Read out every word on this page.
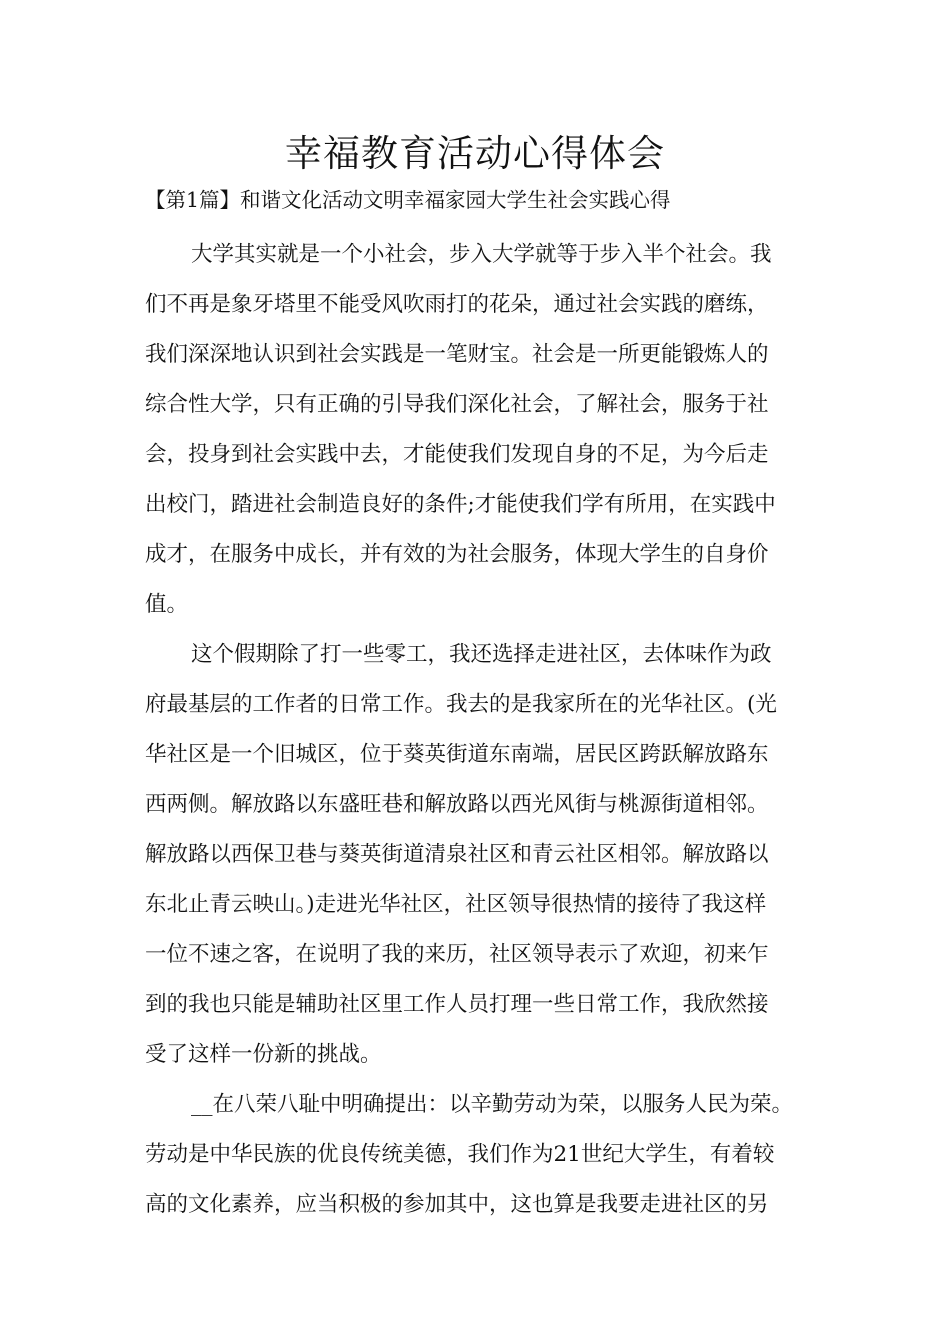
幸福教育活动心得体会
【第1篇】和谐文化活动文明幸福家园大学生社会实践心得

大学其实就是一个小社会，步入大学就等于步入半个社会。我

们不再是象牙塔里不能受风吹雨打的花朵，通过社会实践的磨练，

我们深深地认识到社会实践是一笔财宝。社会是一所更能锻炼人的

综合性大学，只有正确的引导我们深化社会，了解社会，服务于社

会，投身到社会实践中去，才能使我们发现自身的不足，为今后走

出校门，踏进社会制造良好的条件;才能使我们学有所用，在实践中

成才，在服务中成长，并有效的为社会服务，体现大学生的自身价

值。

这个假期除了打一些零工，我还选择走进社区，去体味作为政

府最基层的工作者的日常工作。我去的是我家所在的光华社区。(光

华社区是一个旧城区，位于葵英街道东南端，居民区跨跃解放路东

西两侧。解放路以东盛旺巷和解放路以西光风街与桃源街道相邻。

解放路以西保卫巷与葵英街道清泉社区和青云社区相邻。解放路以

东北止青云映山。)走进光华社区，社区领导很热情的接待了我这样

一位不速之客，在说明了我的来历，社区领导表示了欢迎，初来乍

到的我也只能是辅助社区里工作人员打理一些日常工作，我欣然接

受了这样一份新的挑战。

__在八荣八耻中明确提出：以辛勤劳动为荣，以服务人民为荣。

劳动是中华民族的优良传统美德，我们作为21世纪大学生，有着较

高的文化素养，应当积极的参加其中，这也算是我要走进社区的另
